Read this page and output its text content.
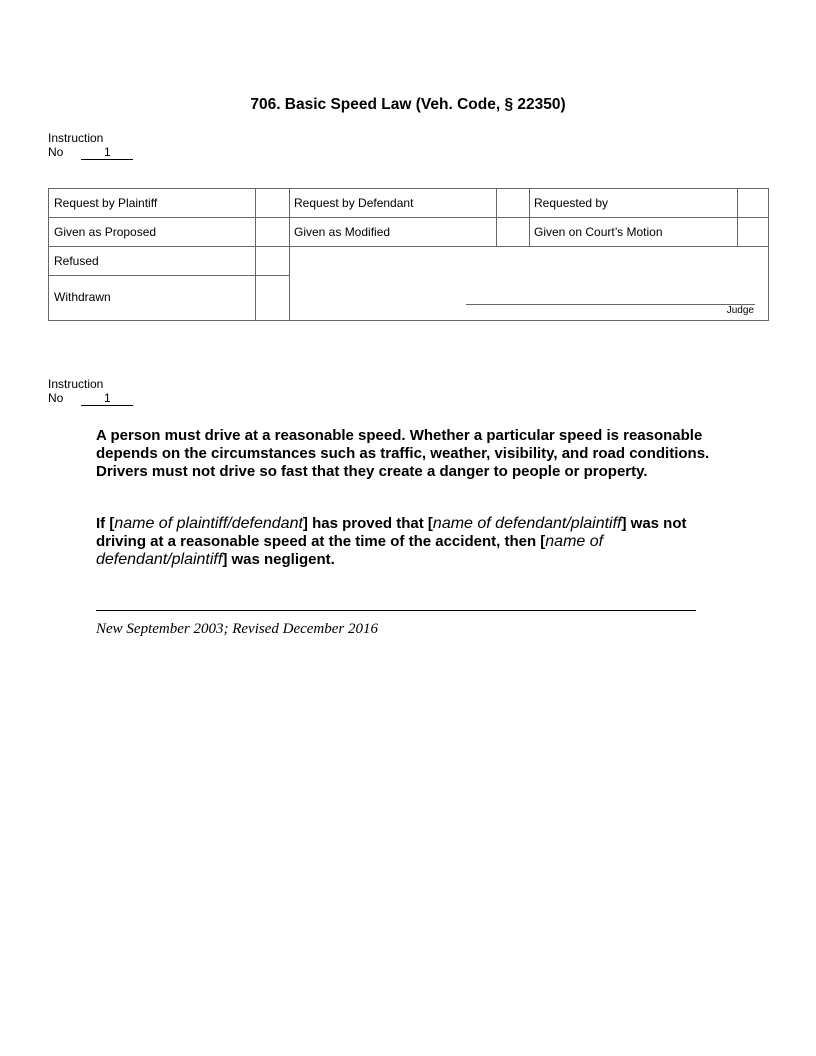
706. Basic Speed Law (Veh. Code, § 22350)
Instruction
No	1
Request by Plaintiff	Request by Defendant	Requested by
Given as Proposed	Given as Modified	Given on Court’s Motion
Refused
Withdrawn
Judge
Instruction
No	1
A person must drive at a reasonable speed. Whether a particular speed is reasonable depends on the circumstances such as traffic, weather, visibility, and road conditions. Drivers must not drive so fast that they create a danger to people or property.
If [name of plaintiff/defendant] has proved that [name of defendant/plaintiff] was not driving at a reasonable speed at the time of the accident, then [name of defendant/plaintiff] was negligent.
New September 2003; Revised December 2016
